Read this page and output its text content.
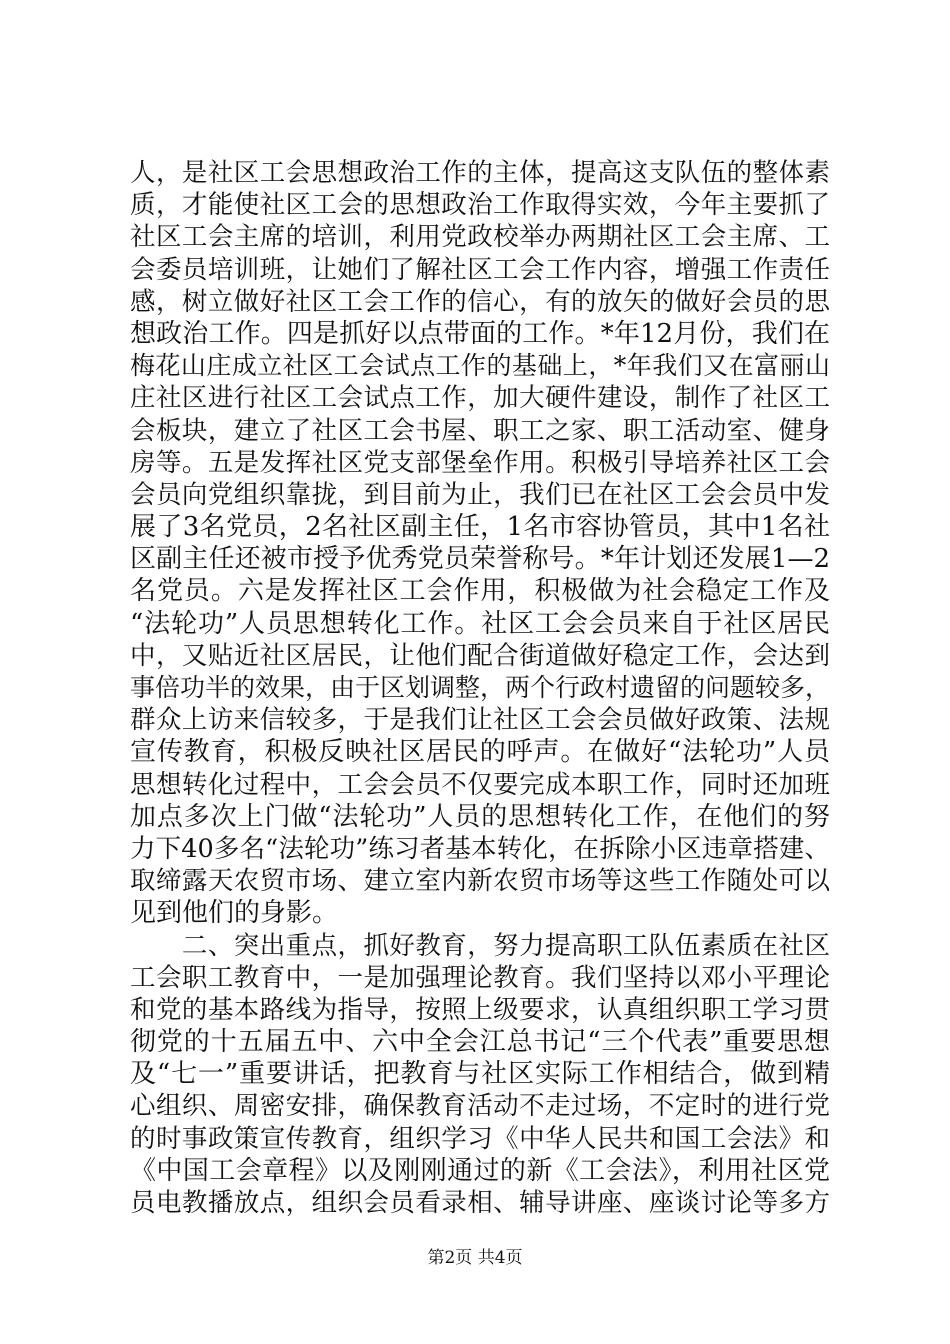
人，是社区工会思想政治工作的主体，提高这支队伍的整体素
质，才能使社区工会的思想政治工作取得实效，今年主要抓了
社区工会主席的培训，利用党政校举办两期社区工会主席、工
会委员培训班，让她们了解社区工会工作内容，增强工作责任
感，树立做好社区工会工作的信心，有的放矢的做好会员的思
想政治工作。四是抓好以点带面的工作。*年12月份，我们在
梅花山庄成立社区工会试点工作的基础上，*年我们又在富丽山
庄社区进行社区工会试点工作，加大硬件建设，制作了社区工
会板块，建立了社区工会书屋、职工之家、职工活动室、健身
房等。五是发挥社区党支部堡垒作用。积极引导培养社区工会
会员向党组织靠拢，到目前为止，我们已在社区工会会员中发
展了3名党员，2名社区副主任，1名市容协管员，其中1名社
区副主任还被市授予优秀党员荣誉称号。*年计划还发展1—2
名党员。六是发挥社区工会作用，积极做为社会稳定工作及
“法轮功”人员思想转化工作。社区工会会员来自于社区居民
中，又贴近社区居民，让他们配合街道做好稳定工作，会达到
事倍功半的效果，由于区划调整，两个行政村遗留的问题较多，
群众上访来信较多，于是我们让社区工会会员做好政策、法规
宣传教育，积极反映社区居民的呼声。在做好“法轮功”人员
思想转化过程中，工会会员不仅要完成本职工作，同时还加班
加点多次上门做“法轮功”人员的思想转化工作，在他们的努
力下40多名“法轮功”练习者基本转化，在拆除小区违章搭建、
取缔露天农贸市场、建立室内新农贸市场等这些工作随处可以
见到他们的身影。
　　二、突出重点，抓好教育，努力提高职工队伍素质在社区
工会职工教育中，一是加强理论教育。我们坚持以邓小平理论
和党的基本路线为指导，按照上级要求，认真组织职工学习贯
彻党的十五届五中、六中全会江总书记“三个代表”重要思想
及“七一”重要讲话，把教育与社区实际工作相结合，做到精
心组织、周密安排，确保教育活动不走过场，不定时的进行党
的时事政策宣传教育，组织学习《中华人民共和国工会法》和
《中国工会章程》以及刚刚通过的新《工会法》，利用社区党
员电教播放点，组织会员看录相、辅导讲座、座谈讨论等多方
第2页 共4页
